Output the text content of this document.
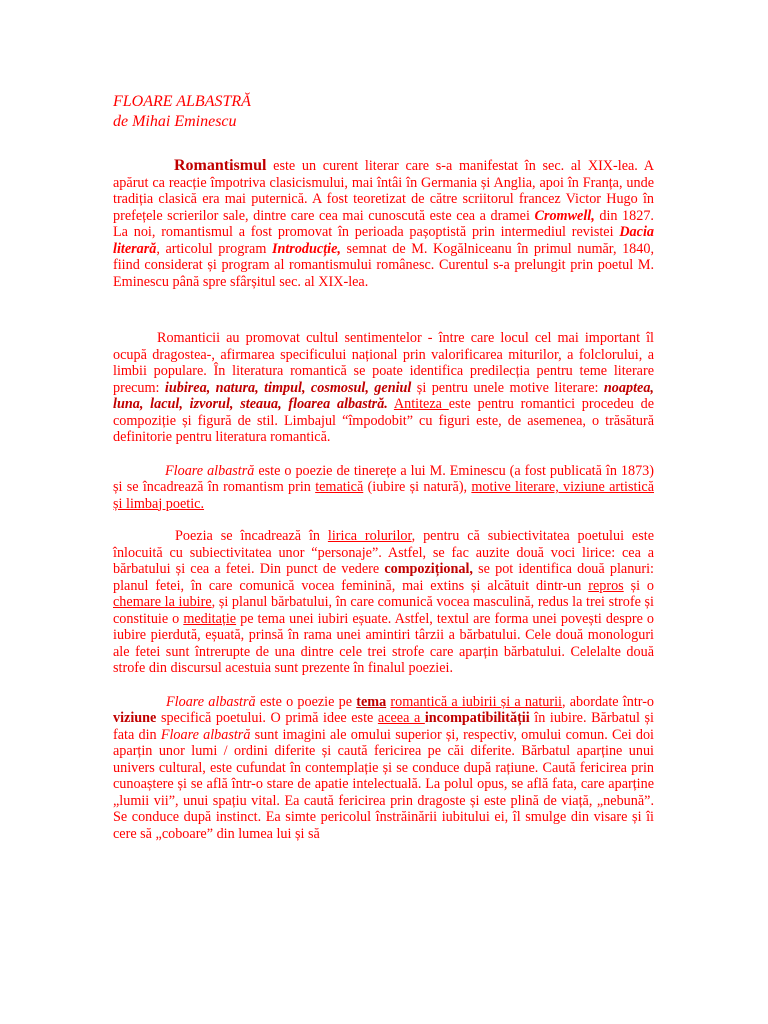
FLOARE ALBASTRĂ

de Mihai Eminescu

Romantismul este un curent literar care s-a manifestat în sec. al XIX-lea. A apărut ca reacție împotriva clasicismului, mai întâi în Germania și Anglia, apoi în Franța, unde tradiția clasică era mai puternică. A fost teoretizat de către scriitorul francez Victor Hugo în prefețele scrierilor sale, dintre care cea mai cunoscută este cea a dramei Cromwell, din 1827. La noi, romantismul a fost promovat în perioada pașoptistă prin intermediul revistei Dacia literară, articolul program Introducție, semnat de M. Kogălniceanu în primul număr, 1840, fiind considerat și program al romantismului românesc. Curentul s-a prelungit prin poetul M. Eminescu până spre sfârșitul sec. al XIX-lea.

Romanticii au promovat cultul sentimentelor - între care locul cel mai important îl ocupă dragostea-, afirmarea specificului național prin valorificarea miturilor, a folclorului, a limbii populare. În literatura romantică se poate identifica predilecția pentru teme literare precum: iubirea, natura, timpul, cosmosul, geniul și pentru unele motive literare: noaptea, luna, lacul, izvorul, steaua, floarea albastră. Antiteza este pentru romantici procedeu de compoziție și figură de stil. Limbajul “împodobit” cu figuri este, de asemenea, o trăsătură definitorie pentru literatura romantică.

Floare albastră este o poezie de tinerețe a lui M. Eminescu (a fost publicată în 1873) și se încadrează în romantism prin tematică (iubire și natură), motive literare, viziune artistică și limbaj poetic.

Poezia se încadrează în lirica rolurilor, pentru că subiectivitatea poetului este înlocuită cu subiectivitatea unor “personaje”. Astfel, se fac auzite două voci lirice: cea a bărbatului și cea a fetei. Din punct de vedere compozițional, se pot identifica două planuri: planul fetei, în care comunică vocea feminină, mai extins și alcătuit dintr-un repros și o chemare la iubire, și planul bărbatului, în care comunică vocea masculină, redus la trei strofe și constituie o meditație pe tema unei iubiri eșuate. Astfel, textul are forma unei povești despre o iubire pierdută, eșuată, prinsă în rama unei amintiri târzii a bărbatului. Cele două monologuri ale fetei sunt întrerupte de una dintre cele trei strofe care aparțin bărbatului. Celelalte două strofe din discursul acestuia sunt prezente în finalul poeziei.

Floare albastră este o poezie pe tema romantică a iubirii și a naturii, abordate într-o viziune specifică poetului. O primă idee este aceea a incompatibilității în iubire. Bărbatul și fata din Floare albastră sunt imagini ale omului superior și, respectiv, omului comun. Cei doi aparțin unor lumi / ordini diferite și caută fericirea pe căi diferite. Bărbatul aparține unui univers cultural, este cufundat în contemplație și se conduce după rațiune. Caută fericirea prin cunoaștere și se află într-o stare de apatie intelectuală. La polul opus, se află fata, care aparține „lumii vii”, unui spațiu vital. Ea caută fericirea prin dragoste și este plină de viață, „nebună”. Se conduce după instinct. Ea simte pericolul înstrăinării iubitului ei, îl smulge din visare și îi cere să „coboare” din lumea lui și să
